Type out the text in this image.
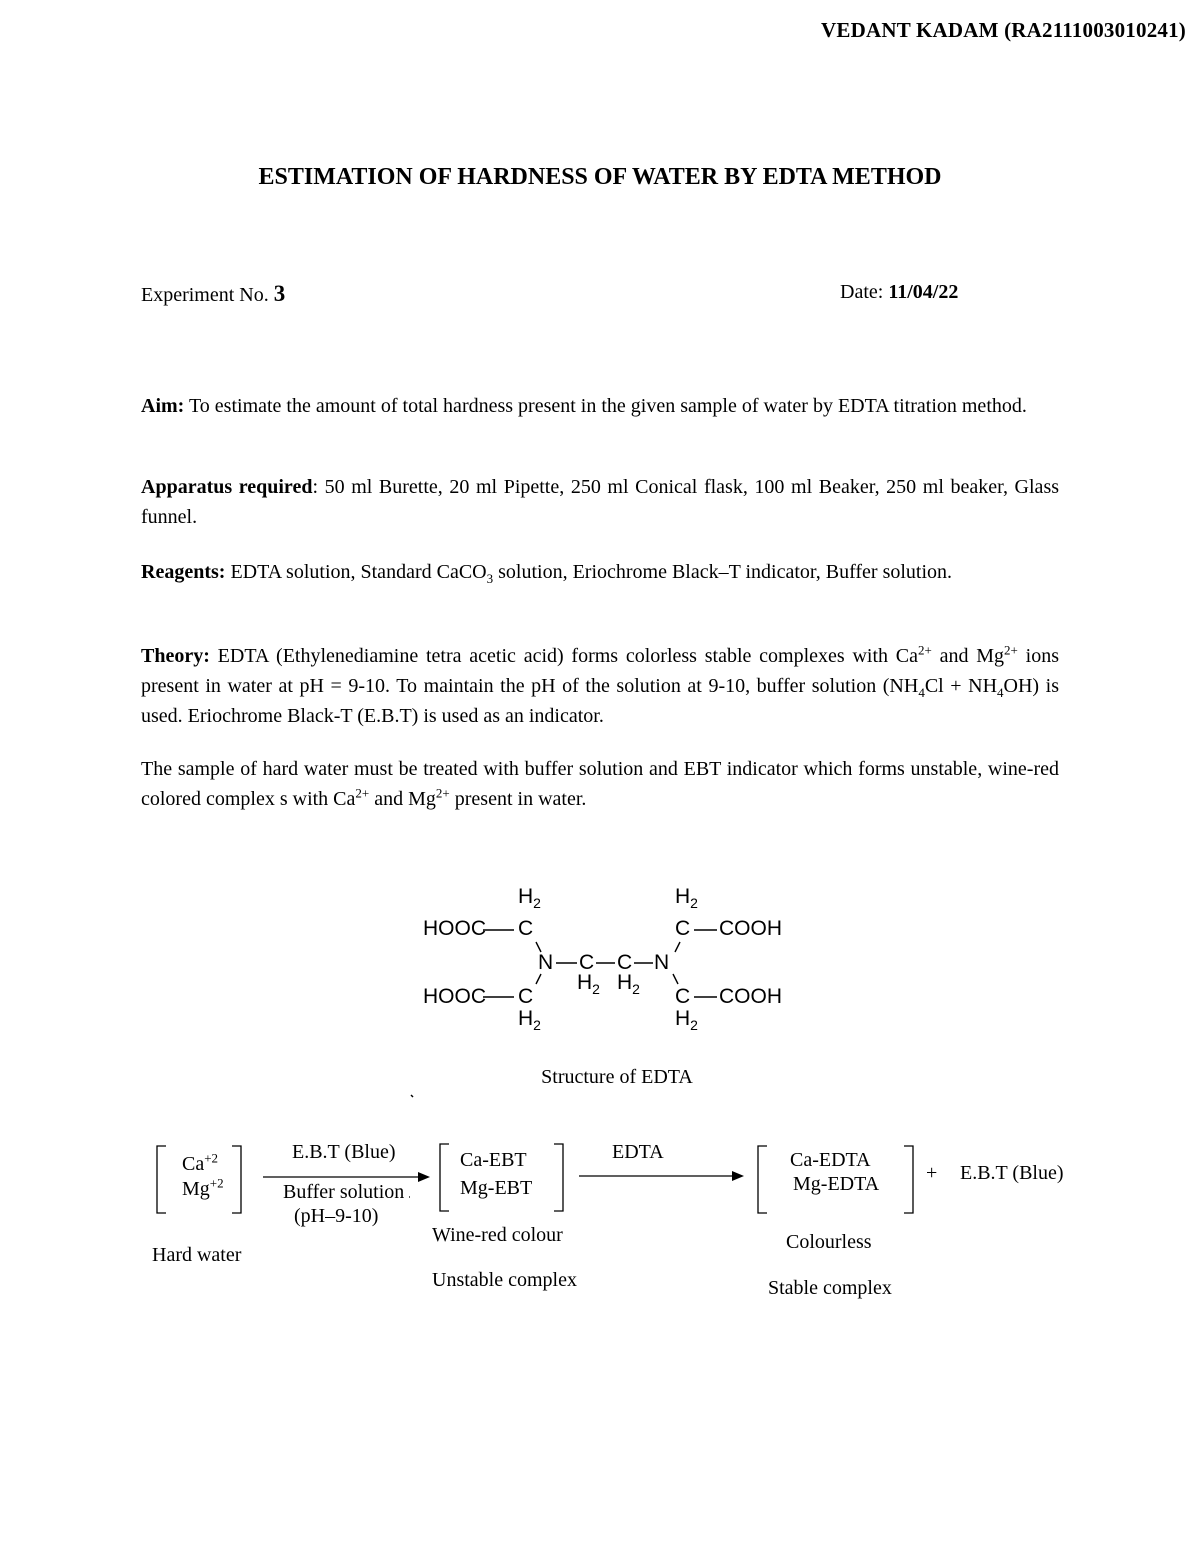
VEDANT KADAM (RA2111003010241)
ESTIMATION OF HARDNESS OF WATER BY EDTA METHOD
Experiment No. 3	Date: 11/04/22
Aim: To estimate the amount of total hardness present in the given sample of water by EDTA titration method.
Apparatus required: 50 ml Burette, 20 ml Pipette, 250 ml Conical flask, 100 ml Beaker, 250 ml beaker, Glass funnel.
Reagents: EDTA solution, Standard CaCO$_3$ solution, Eriochrome Black–T indicator, Buffer solution.
Theory: EDTA (Ethylenediamine tetra acetic acid) forms colorless stable complexes with $Ca^{2+}$ and $Mg^{2+}$ ions present in water at pH = 9-10. To maintain the pH of the solution at 9-10, buffer solution $(NH_4Cl + NH_4OH)$ is used. Eriochrome Black-T (E.B.T) is used as an indicator.
The sample of hard water must be treated with buffer solution and EBT indicator which forms unstable, wine-red colored complex s with $Ca^{2+}$ and $Mg^{2+}$ present in water.
$H_2$	$H_2$
HOOC C	C COOH
N C C N
$H_2$ $H_2$
HOOC C	C COOH
$H_2$	$H_2$
Structure of EDTA
$Ca^{+2}$
$Mg^{+2}$
Hard water
E.B.T (Blue)
Buffer solution
(pH–9-10)
Ca-EBT
Mg-EBT
Wine-red colour
Unstable complex
EDTA	Ca-EDTA
Mg-EDTA + E.B.T (Blue)
Colourless
Stable complex
